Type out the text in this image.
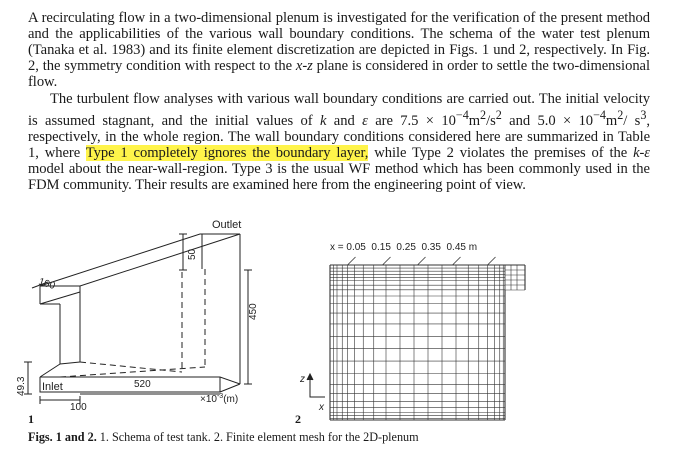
A recirculating flow in a two-dimensional plenum is investigated for the verification of the present method and the applicabilities of the various wall boundary conditions. The schema of the water test plenum (Tanaka et al. 1983) and its finite element discretization are depicted in Figs. 1 und 2, respectively. In Fig. 2, the symmetry condition with respect to the x-z plane is considered in order to settle the two-dimensional flow.
The turbulent flow analyses with various wall boundary conditions are carried out. The initial velocity is assumed stagnant, and the initial values of k and ε are $7.5 \times 10^{-4}m^2/s^2$ and $5.0 \times 10^{-4}m^2/$ $s^3$, respectively, in the whole region. The wall boundary conditions considered here are summarized in Table 1, where Type 1 completely ignores the boundary layer, while Type 2 violates the premises of the k-ε model about the near-wall-region. Type 3 is the usual WF method which has been commonly used in the FDM community. Their results are examined here from the engineering point of view.
Outlet
Inlet
50
450
100
49.3	520
100
$\times 10^{-3}(m)$
z
x
1
x = 0.05  0.15  0.25  0.35  0.45 m
2

Figs. 1 and 2. 1. Schema of test tank. 2. Finite element mesh for the 2D-plenum
